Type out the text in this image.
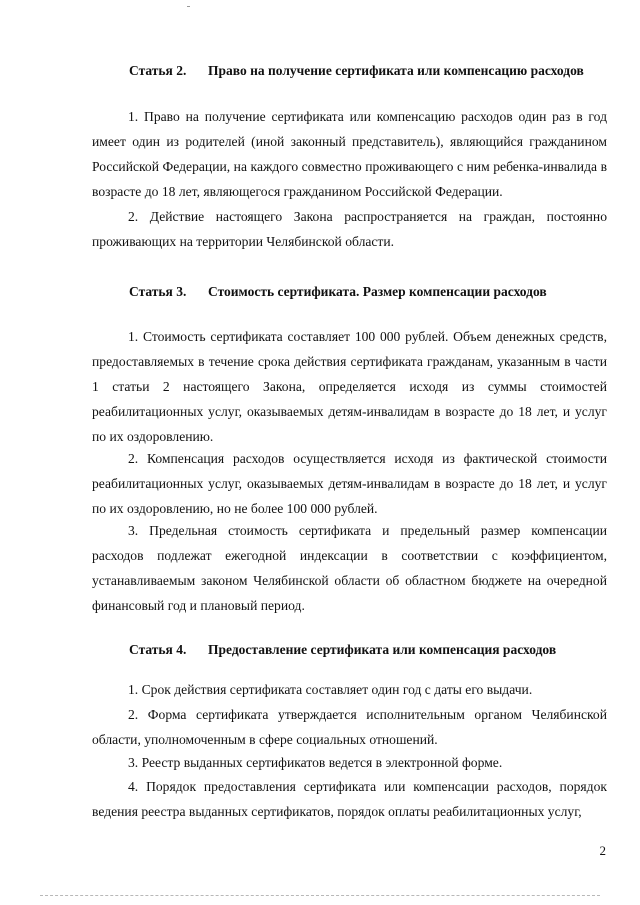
Статья 2. Право на получение сертификата или компенсацию расходов

1. Право на получение сертификата или компенсацию расходов один раз в год имеет один из родителей (иной законный представитель), являющийся гражданином Российской Федерации, на каждого совместно проживающего с ним ребенка-инвалида в возрасте до 18 лет, являющегося гражданином Российской Федерации.

2. Действие настоящего Закона распространяется на граждан, постоянно проживающих на территории Челябинской области.

Статья 3. Стоимость сертификата. Размер компенсации расходов

1. Стоимость сертификата составляет 100 000 рублей. Объем денежных средств, предоставляемых в течение срока действия сертификата гражданам, указанным в части 1 статьи 2 настоящего Закона, определяется исходя из суммы стоимостей реабилитационных услуг, оказываемых детям-инвалидам в возрасте до 18 лет, и услуг по их оздоровлению.

2. Компенсация расходов осуществляется исходя из фактической стоимости реабилитационных услуг, оказываемых детям-инвалидам в возрасте до 18 лет, и услуг по их оздоровлению, но не более 100 000 рублей.

3. Предельная стоимость сертификата и предельный размер компенсации расходов подлежат ежегодной индексации в соответствии с коэффициентом, устанавливаемым законом Челябинской области об областном бюджете на очередной финансовый год и плановый период.

Статья 4. Предоставление сертификата или компенсация расходов

1. Срок действия сертификата составляет один год с даты его выдачи.

2. Форма сертификата утверждается исполнительным органом Челябинской области, уполномоченным в сфере социальных отношений.

3. Реестр выданных сертификатов ведется в электронной форме.

4. Порядок предоставления сертификата или компенсации расходов, порядок ведения реестра выданных сертификатов, порядок оплаты реабилитационных услуг,

2
